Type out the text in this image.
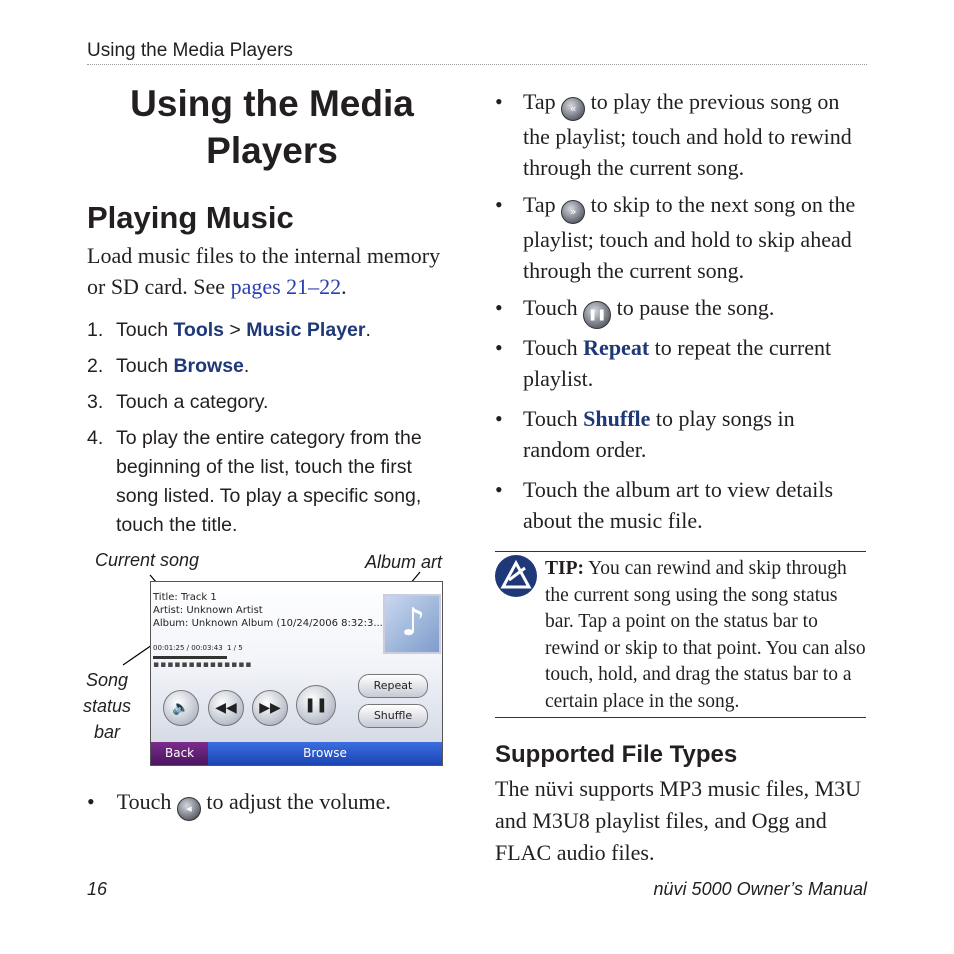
Using the Media Players
Using the Media
Players
Playing Music
Load music files to the internal memory or SD card. See pages 21–22.
1. Touch Tools > Music Player.
2. Touch Browse.
3. Touch a category.
4. To play the entire category from the beginning of the list, touch the first song listed. To play a specific song, touch the title.
Current song	Album art
Song
status
bar
Title: Track 1
Artist: Unknown Artist
Album: Unknown Album (10/24/2006 8:32:3...
00:01:25 / 00:03:43 1 / 5
▪▪▪▪▪▪▪▪▪▪▪▪▪▪
♪
🔈 ◀◀ ▶▶ ❚❚
Repeat
Shuffle
Back	Browse
• Touch ◂ to adjust the volume.
• Tap « to play the previous song on the playlist; touch and hold to rewind through the current song.
• Tap » to skip to the next song on the playlist; touch and hold to skip ahead through the current song.
• Touch ❚❚ to pause the song.
• Touch Repeat to repeat the current playlist.
• Touch Shuffle to play songs in random order.
• Touch the album art to view details about the music file.
TIP: You can rewind and skip through the current song using the song status bar. Tap a point on the status bar to rewind or skip to that point. You can also touch, hold, and drag the status bar to a certain place in the song.
Supported File Types
The nüvi supports MP3 music files, M3U and M3U8 playlist files, and Ogg and FLAC audio files.
16	nüvi 5000 Owner’s Manual
